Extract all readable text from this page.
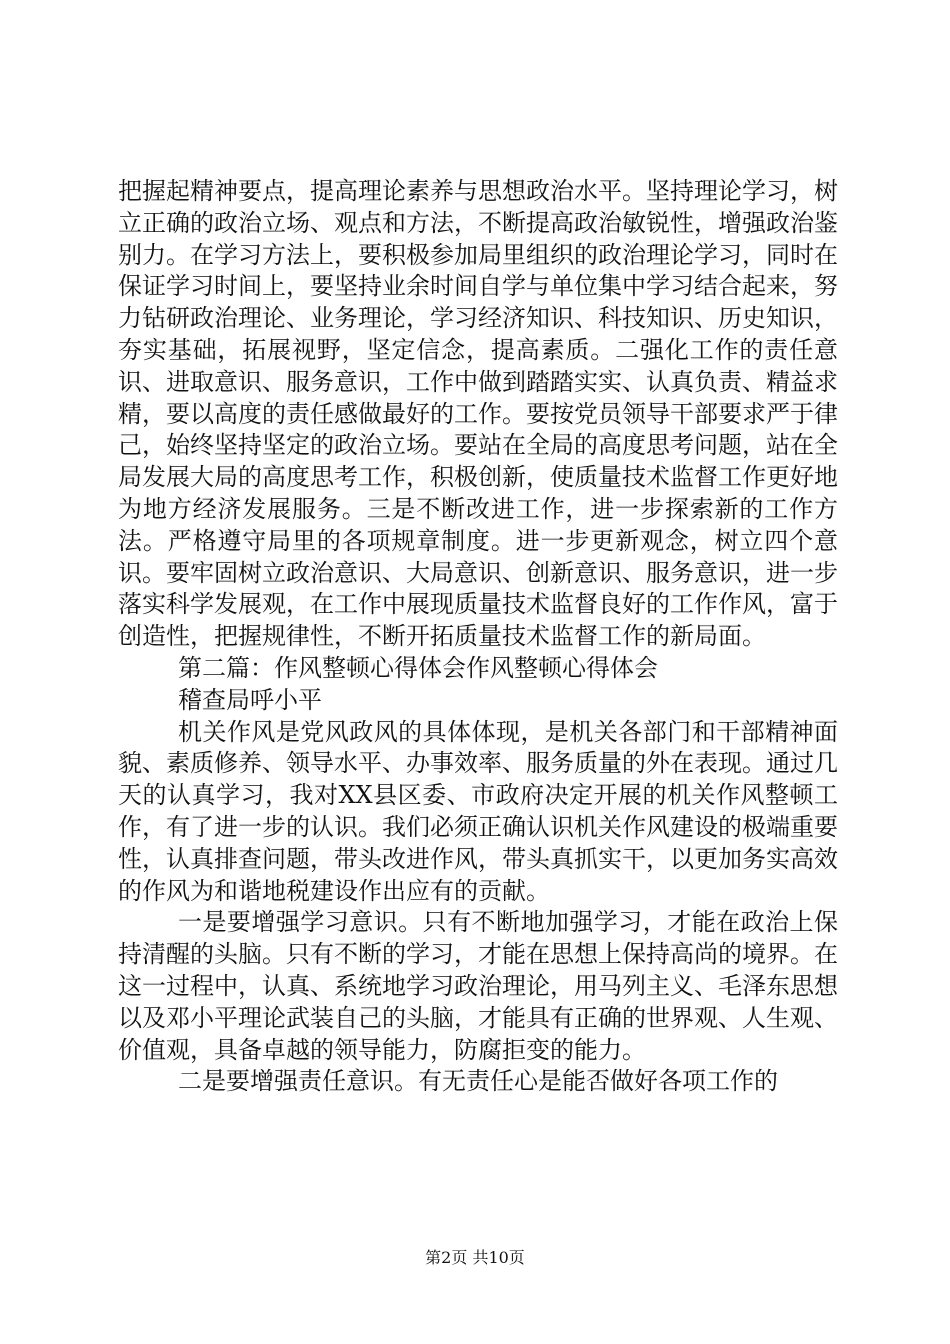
把握起精神要点，提高理论素养与思想政治水平。坚持理论学习，树立正确的政治立场、观点和方法，不断提高政治敏锐性，增强政治鉴别力。在学习方法上，要积极参加局里组织的政治理论学习，同时在保证学习时间上，要坚持业余时间自学与单位集中学习结合起来，努力钻研政治理论、业务理论，学习经济知识、科技知识、历史知识，夯实基础，拓展视野，坚定信念，提高素质。二强化工作的责任意识、进取意识、服务意识，工作中做到踏踏实实、认真负责、精益求精，要以高度的责任感做最好的工作。要按党员领导干部要求严于律己，始终坚持坚定的政治立场。要站在全局的高度思考问题，站在全局发展大局的高度思考工作，积极创新，使质量技术监督工作更好地为地方经济发展服务。三是不断改进工作，进一步探索新的工作方法。严格遵守局里的各项规章制度。进一步更新观念，树立四个意识。要牢固树立政治意识、大局意识、创新意识、服务意识，进一步落实科学发展观，在工作中展现质量技术监督良好的工作作风，富于创造性，把握规律性，不断开拓质量技术监督工作的新局面。

第二篇：作风整顿心得体会作风整顿心得体会

稽查局呼小平

机关作风是党风政风的具体体现，是机关各部门和干部精神面貌、素质修养、领导水平、办事效率、服务质量的外在表现。通过几天的认真学习，我对XX县区委、市政府决定开展的机关作风整顿工作，有了进一步的认识。我们必须正确认识机关作风建设的极端重要性，认真排查问题，带头改进作风，带头真抓实干，以更加务实高效的作风为和谐地税建设作出应有的贡献。

一是要增强学习意识。只有不断地加强学习，才能在政治上保持清醒的头脑。只有不断的学习，才能在思想上保持高尚的境界。在这一过程中，认真、系统地学习政治理论，用马列主义、毛泽东思想以及邓小平理论武装自己的头脑，才能具有正确的世界观、人生观、价值观，具备卓越的领导能力，防腐拒变的能力。

二是要增强责任意识。有无责任心是能否做好各项工作的

第2页 共10页
